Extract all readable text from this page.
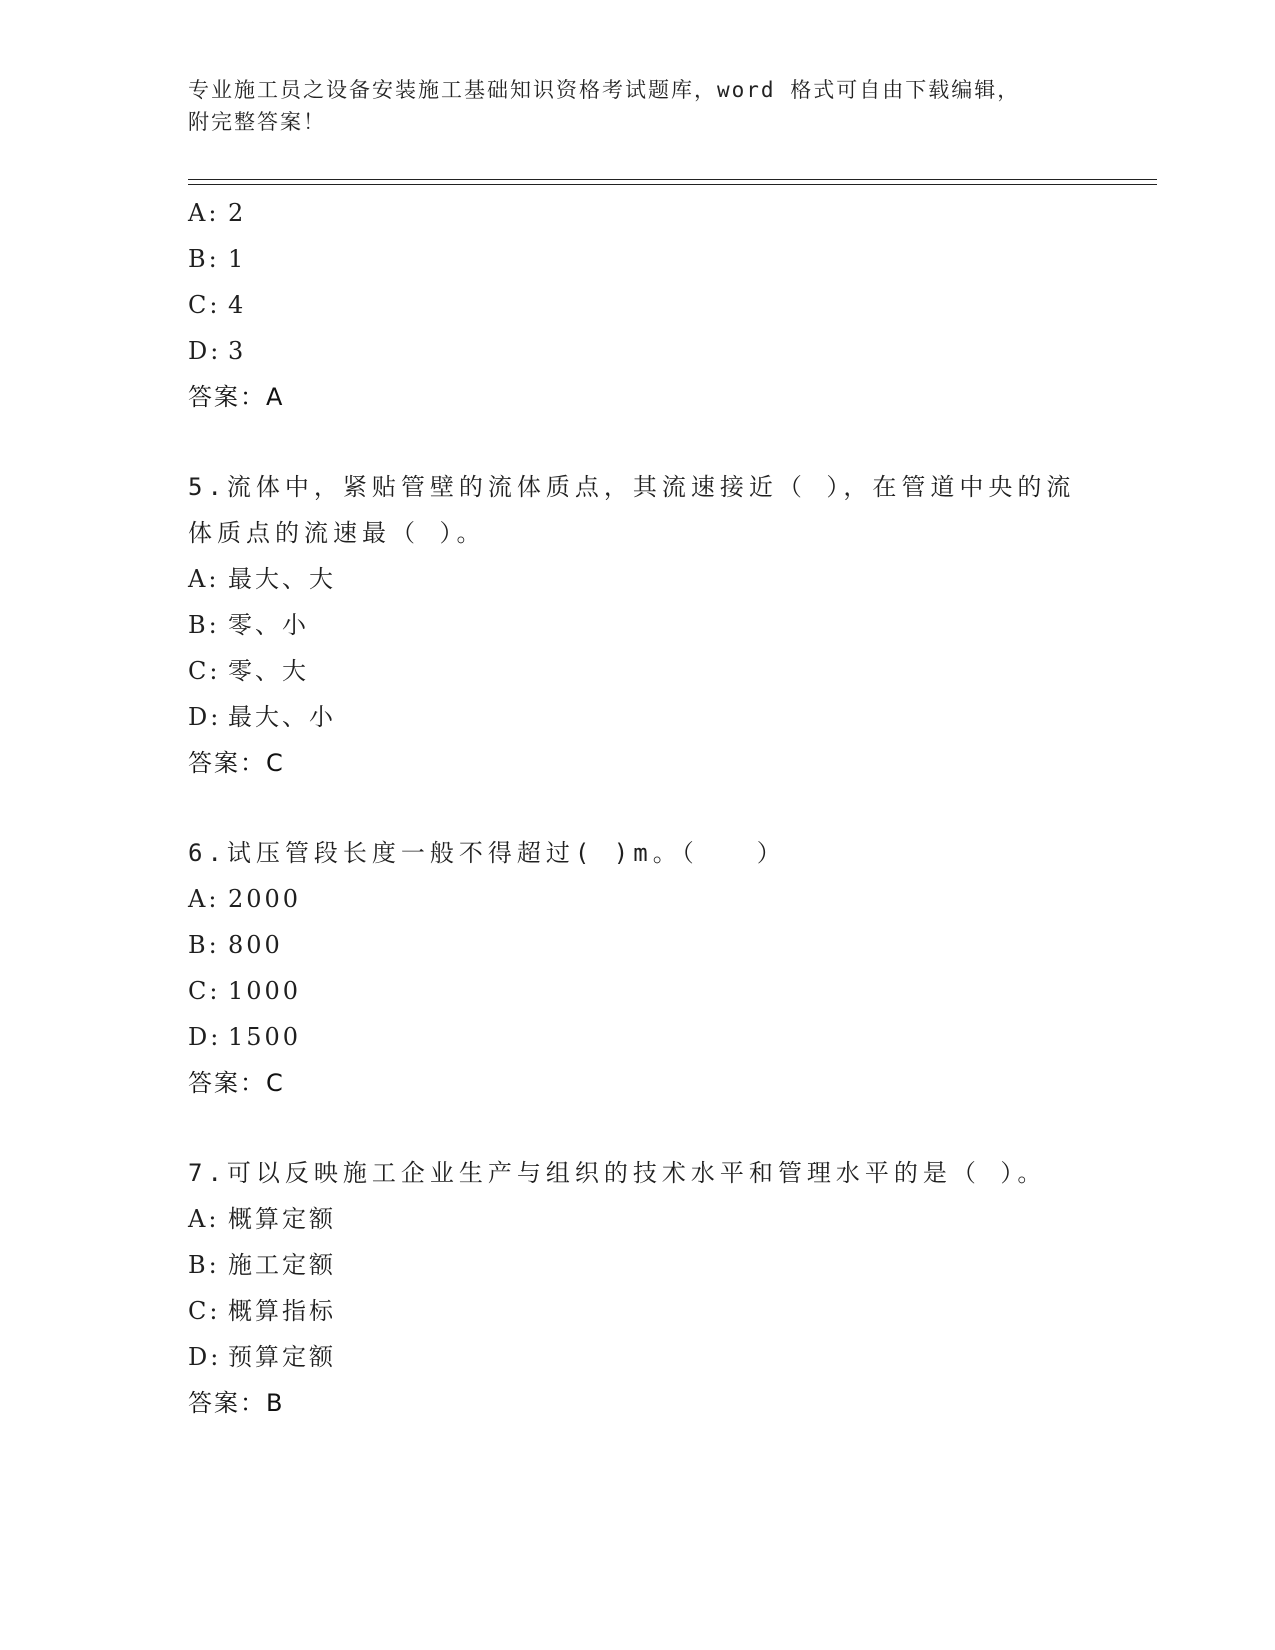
专业施工员之设备安装施工基础知识资格考试题库，word 格式可自由下载编辑，
附完整答案！
A: 2
B: 1
C: 4
D: 3
答案：A
5.流体中，紧贴管壁的流体质点，其流速接近（ ），在管道中央的流体质点的流速最（ ）。
A: 最大、大
B: 零、小
C: 零、大
D: 最大、小
答案：C
6.试压管段长度一般不得超过( )m。（　　）
A: 2000
B: 800
C: 1000
D: 1500
答案：C
7.可以反映施工企业生产与组织的技术水平和管理水平的是（ ）。
A: 概算定额
B: 施工定额
C: 概算指标
D: 预算定额
答案：B
